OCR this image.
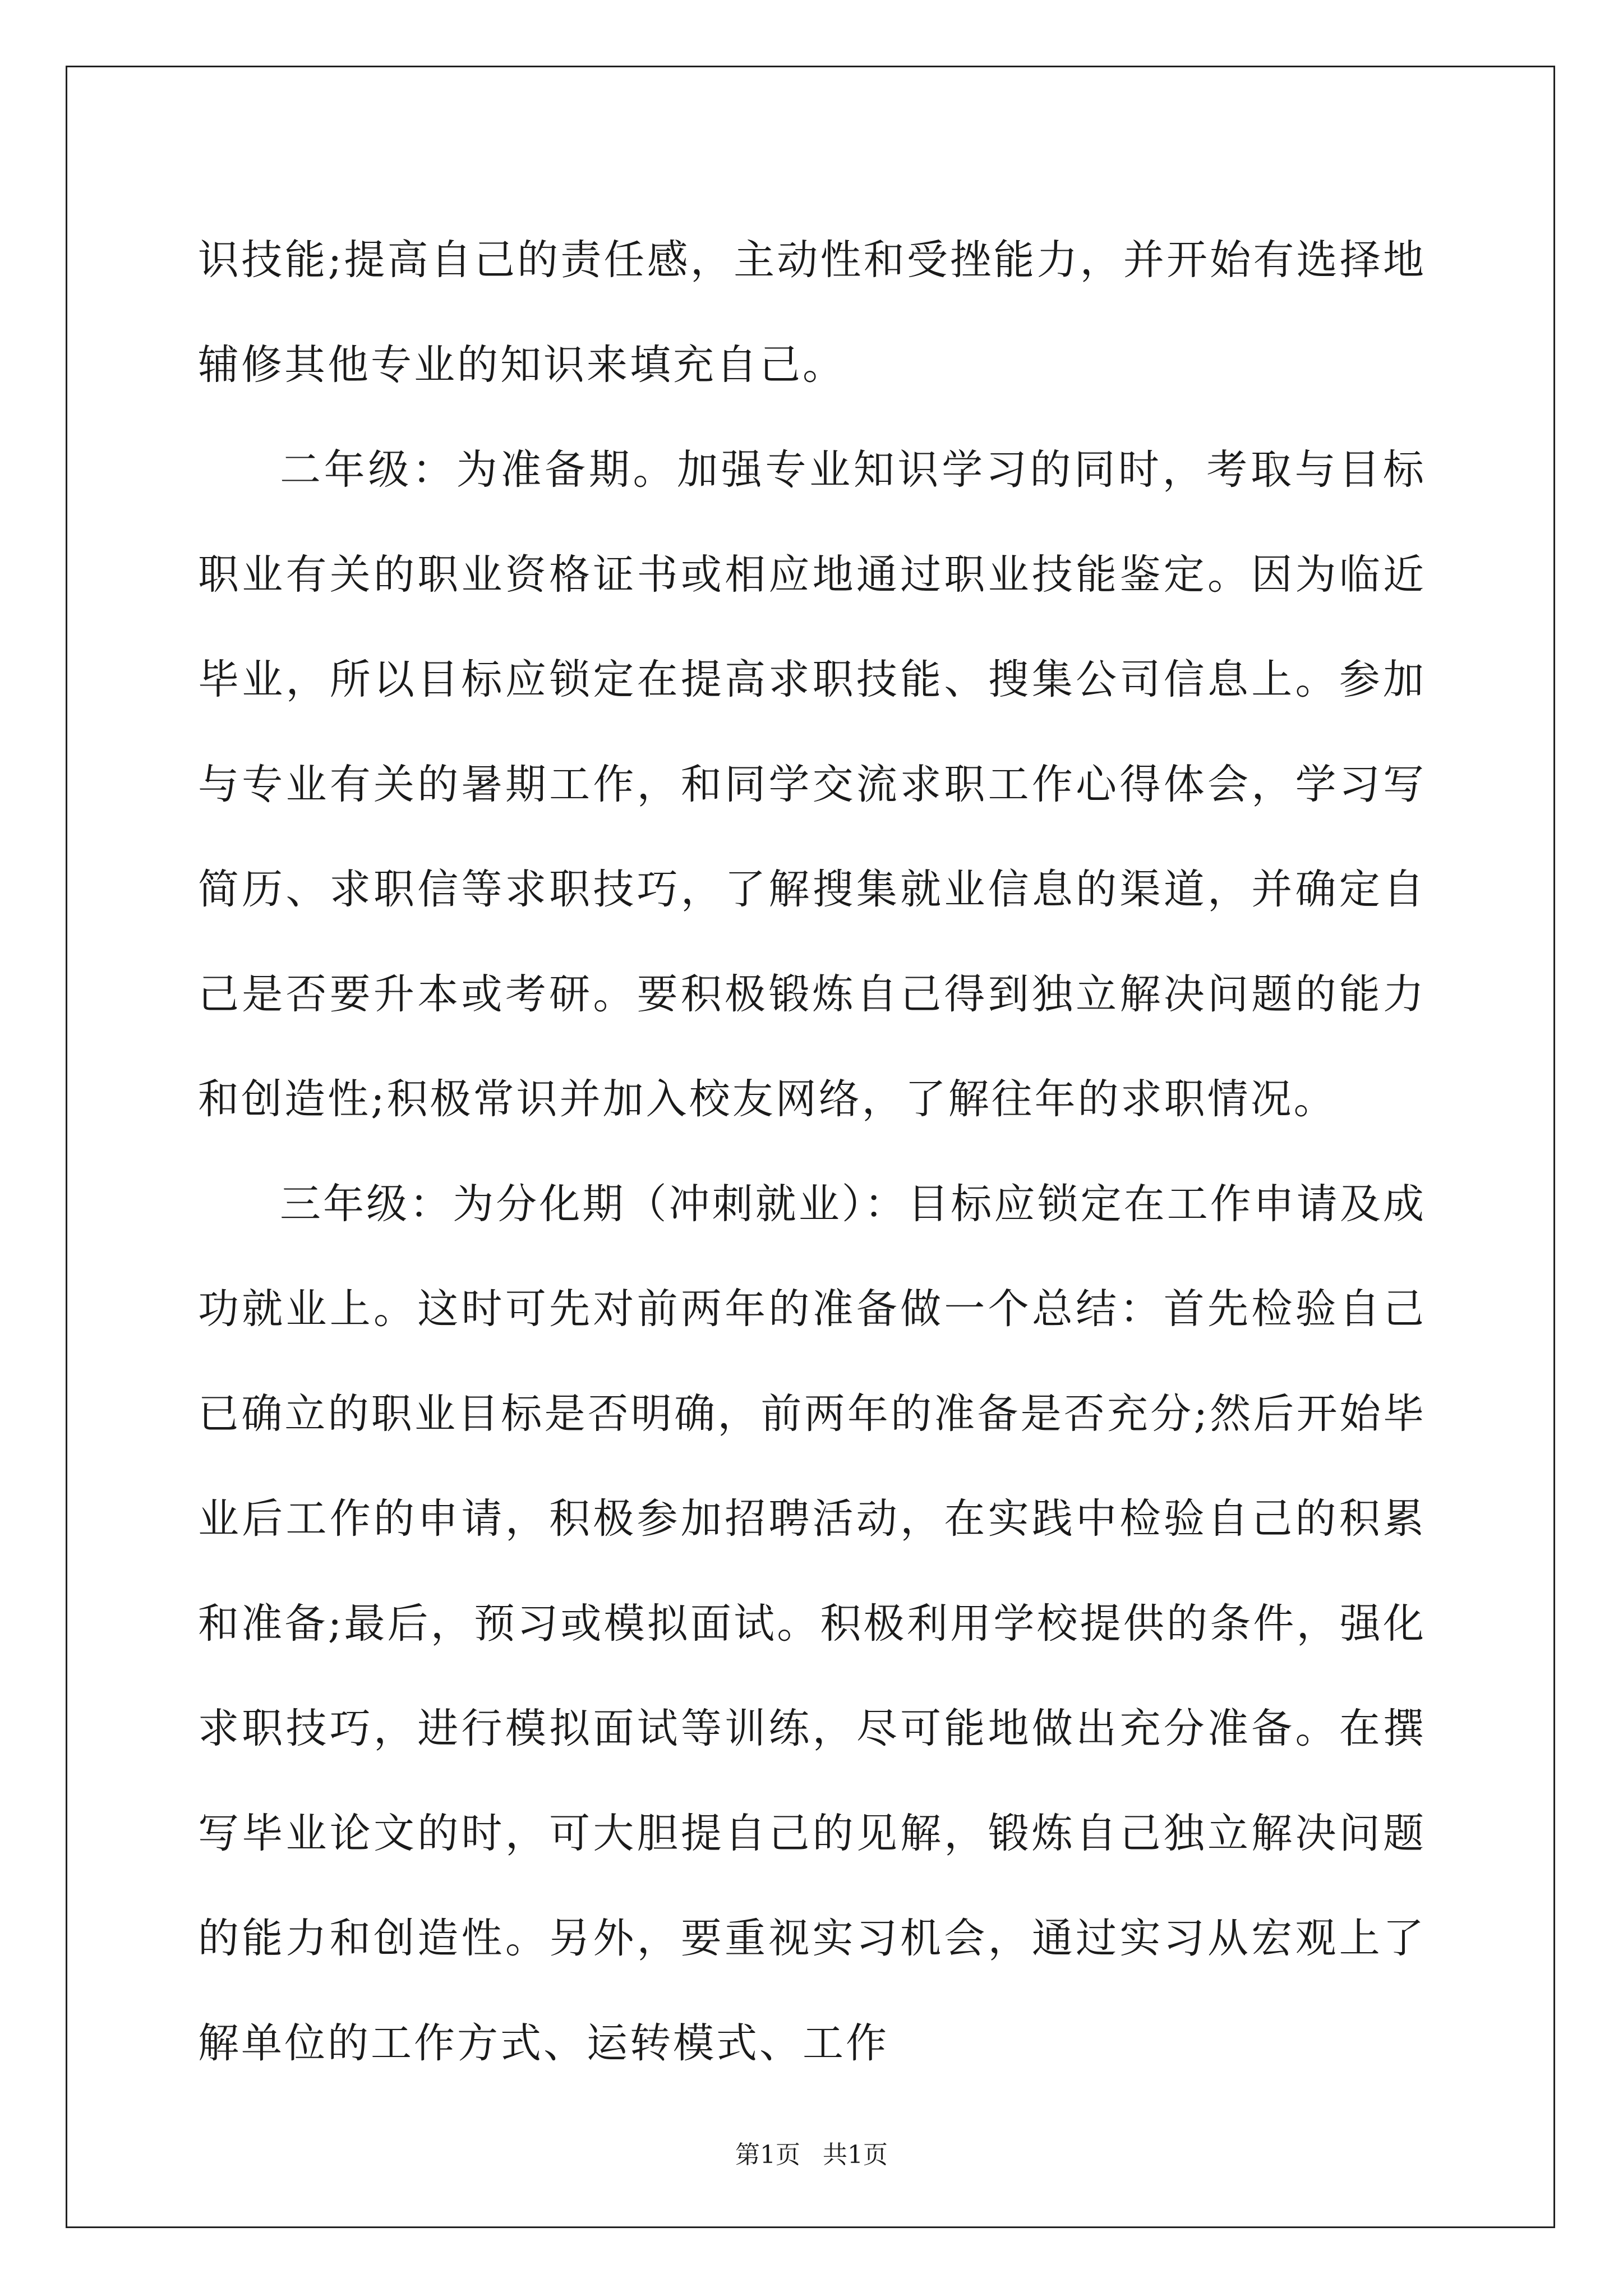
识技能;提高自己的责任感，主动性和受挫能力，并开始有选择地辅修其他专业的知识来填充自己。

二年级：为准备期。加强专业知识学习的同时，考取与目标职业有关的职业资格证书或相应地通过职业技能鉴定。因为临近毕业，所以目标应锁定在提高求职技能、搜集公司信息上。参加与专业有关的暑期工作，和同学交流求职工作心得体会，学习写简历、求职信等求职技巧，了解搜集就业信息的渠道，并确定自己是否要升本或考研。要积极锻炼自己得到独立解决问题的能力和创造性;积极常识并加入校友网络，了解往年的求职情况。

三年级：为分化期（冲刺就业）：目标应锁定在工作申请及成功就业上。这时可先对前两年的准备做一个总结：首先检验自己已确立的职业目标是否明确，前两年的准备是否充分;然后开始毕业后工作的申请，积极参加招聘活动，在实践中检验自己的积累和准备;最后，预习或模拟面试。积极利用学校提供的条件，强化求职技巧，进行模拟面试等训练，尽可能地做出充分准备。在撰写毕业论文的时，可大胆提自己的见解，锻炼自己独立解决问题的能力和创造性。另外，要重视实习机会，通过实习从宏观上了解单位的工作方式、运转模式、工作

第1页 共1页
